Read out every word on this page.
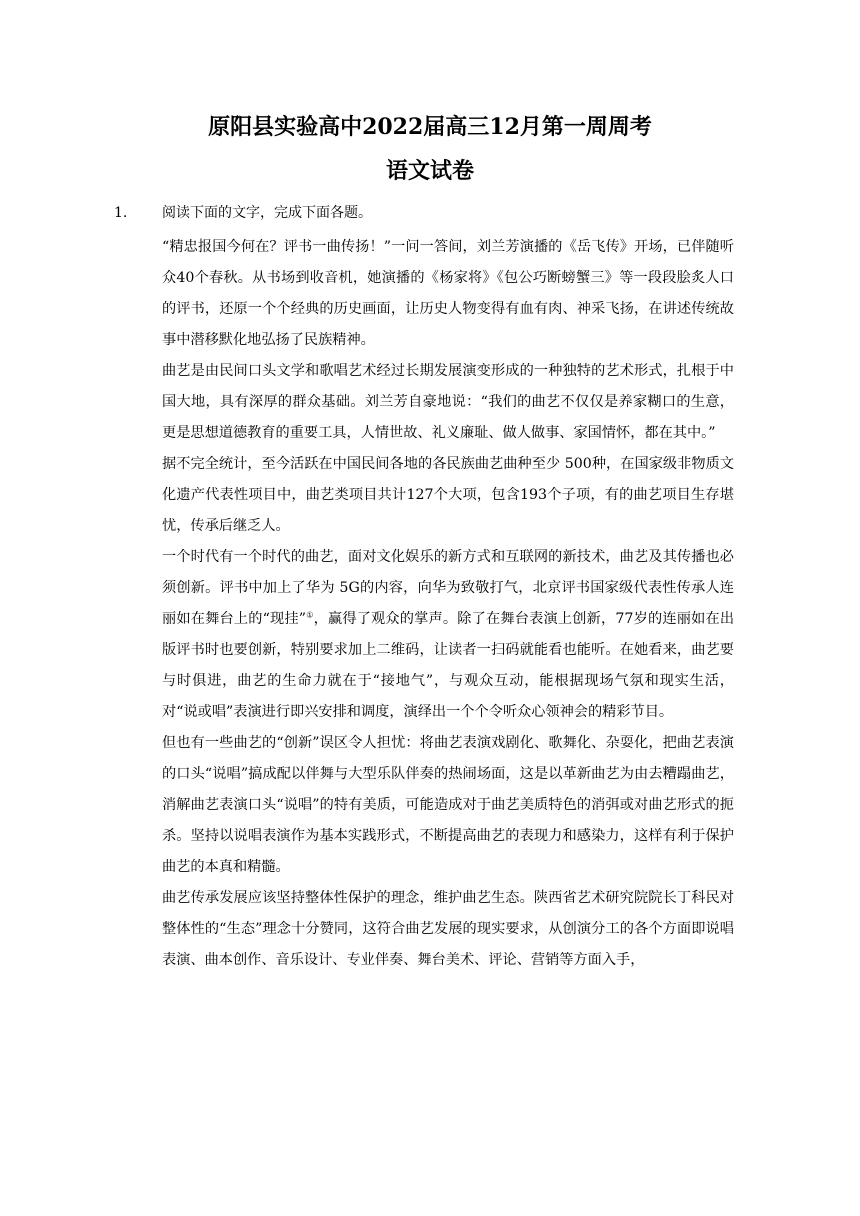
原阳县实验高中2022届高三12月第一周周考
语文试卷
1. 阅读下面的文字，完成下面各题。

“精忠报国今何在？评书一曲传扬！”一问一答间，刘兰芳演播的《岳飞传》开场，已伴随听众40个春秋。从书场到收音机，她演播的《杨家将》《包公巧断螃蟹三》等一段段脍炙人口的评书，还原一个个经典的历史画面，让历史人物变得有血有肉、神采飞扬，在讲述传统故事中潜移默化地弘扬了民族精神。

曲艺是由民间口头文学和歌唱艺术经过长期发展演变形成的一种独特的艺术形式，扎根于中国大地，具有深厚的群众基础。刘兰芳自豪地说：“我们的曲艺不仅仅是养家糊口的生意，更是思想道德教育的重要工具，人情世故、礼义廉耻、做人做事、家国情怀，都在其中。”

据不完全统计，至今活跃在中国民间各地的各民族曲艺曲种至少 500种，在国家级非物质文化遗产代表性项目中，曲艺类项目共计127个大项，包含193个子项，有的曲艺项目生存堪忧，传承后继乏人。

一个时代有一个时代的曲艺，面对文化娱乐的新方式和互联网的新技术，曲艺及其传播也必须创新。评书中加上了华为 5G的内容，向华为致敬打气，北京评书国家级代表性传承人连丽如在舞台上的“现挂”①，赢得了观众的掌声。除了在舞台表演上创新，77岁的连丽如在出版评书时也要创新，特别要求加上二维码，让读者一扫码就能看也能听。在她看来，曲艺要与时俱进，曲艺的生命力就在于“接地气”，与观众互动，能根据现场气氛和现实生活，对“说或唱”表演进行即兴安排和调度，演绎出一个个令听众心领神会的精彩节目。

但也有一些曲艺的“创新”误区令人担忧：将曲艺表演戏剧化、歌舞化、杂耍化，把曲艺表演的口头“说唱”搞成配以伴舞与大型乐队伴奏的热闹场面，这是以革新曲艺为由去糟蹋曲艺，消解曲艺表演口头“说唱”的特有美质，可能造成对于曲艺美质特色的消弭或对曲艺形式的扼杀。坚持以说唱表演作为基本实践形式，不断提高曲艺的表现力和感染力，这样有利于保护曲艺的本真和精髓。

曲艺传承发展应该坚持整体性保护的理念，维护曲艺生态。陕西省艺术研究院院长丁科民对整体性的“生态”理念十分赞同，这符合曲艺发展的现实要求，从创演分工的各个方面即说唱表演、曲本创作、音乐设计、专业伴奏、舞台美术、评论、营销等方面入手，
